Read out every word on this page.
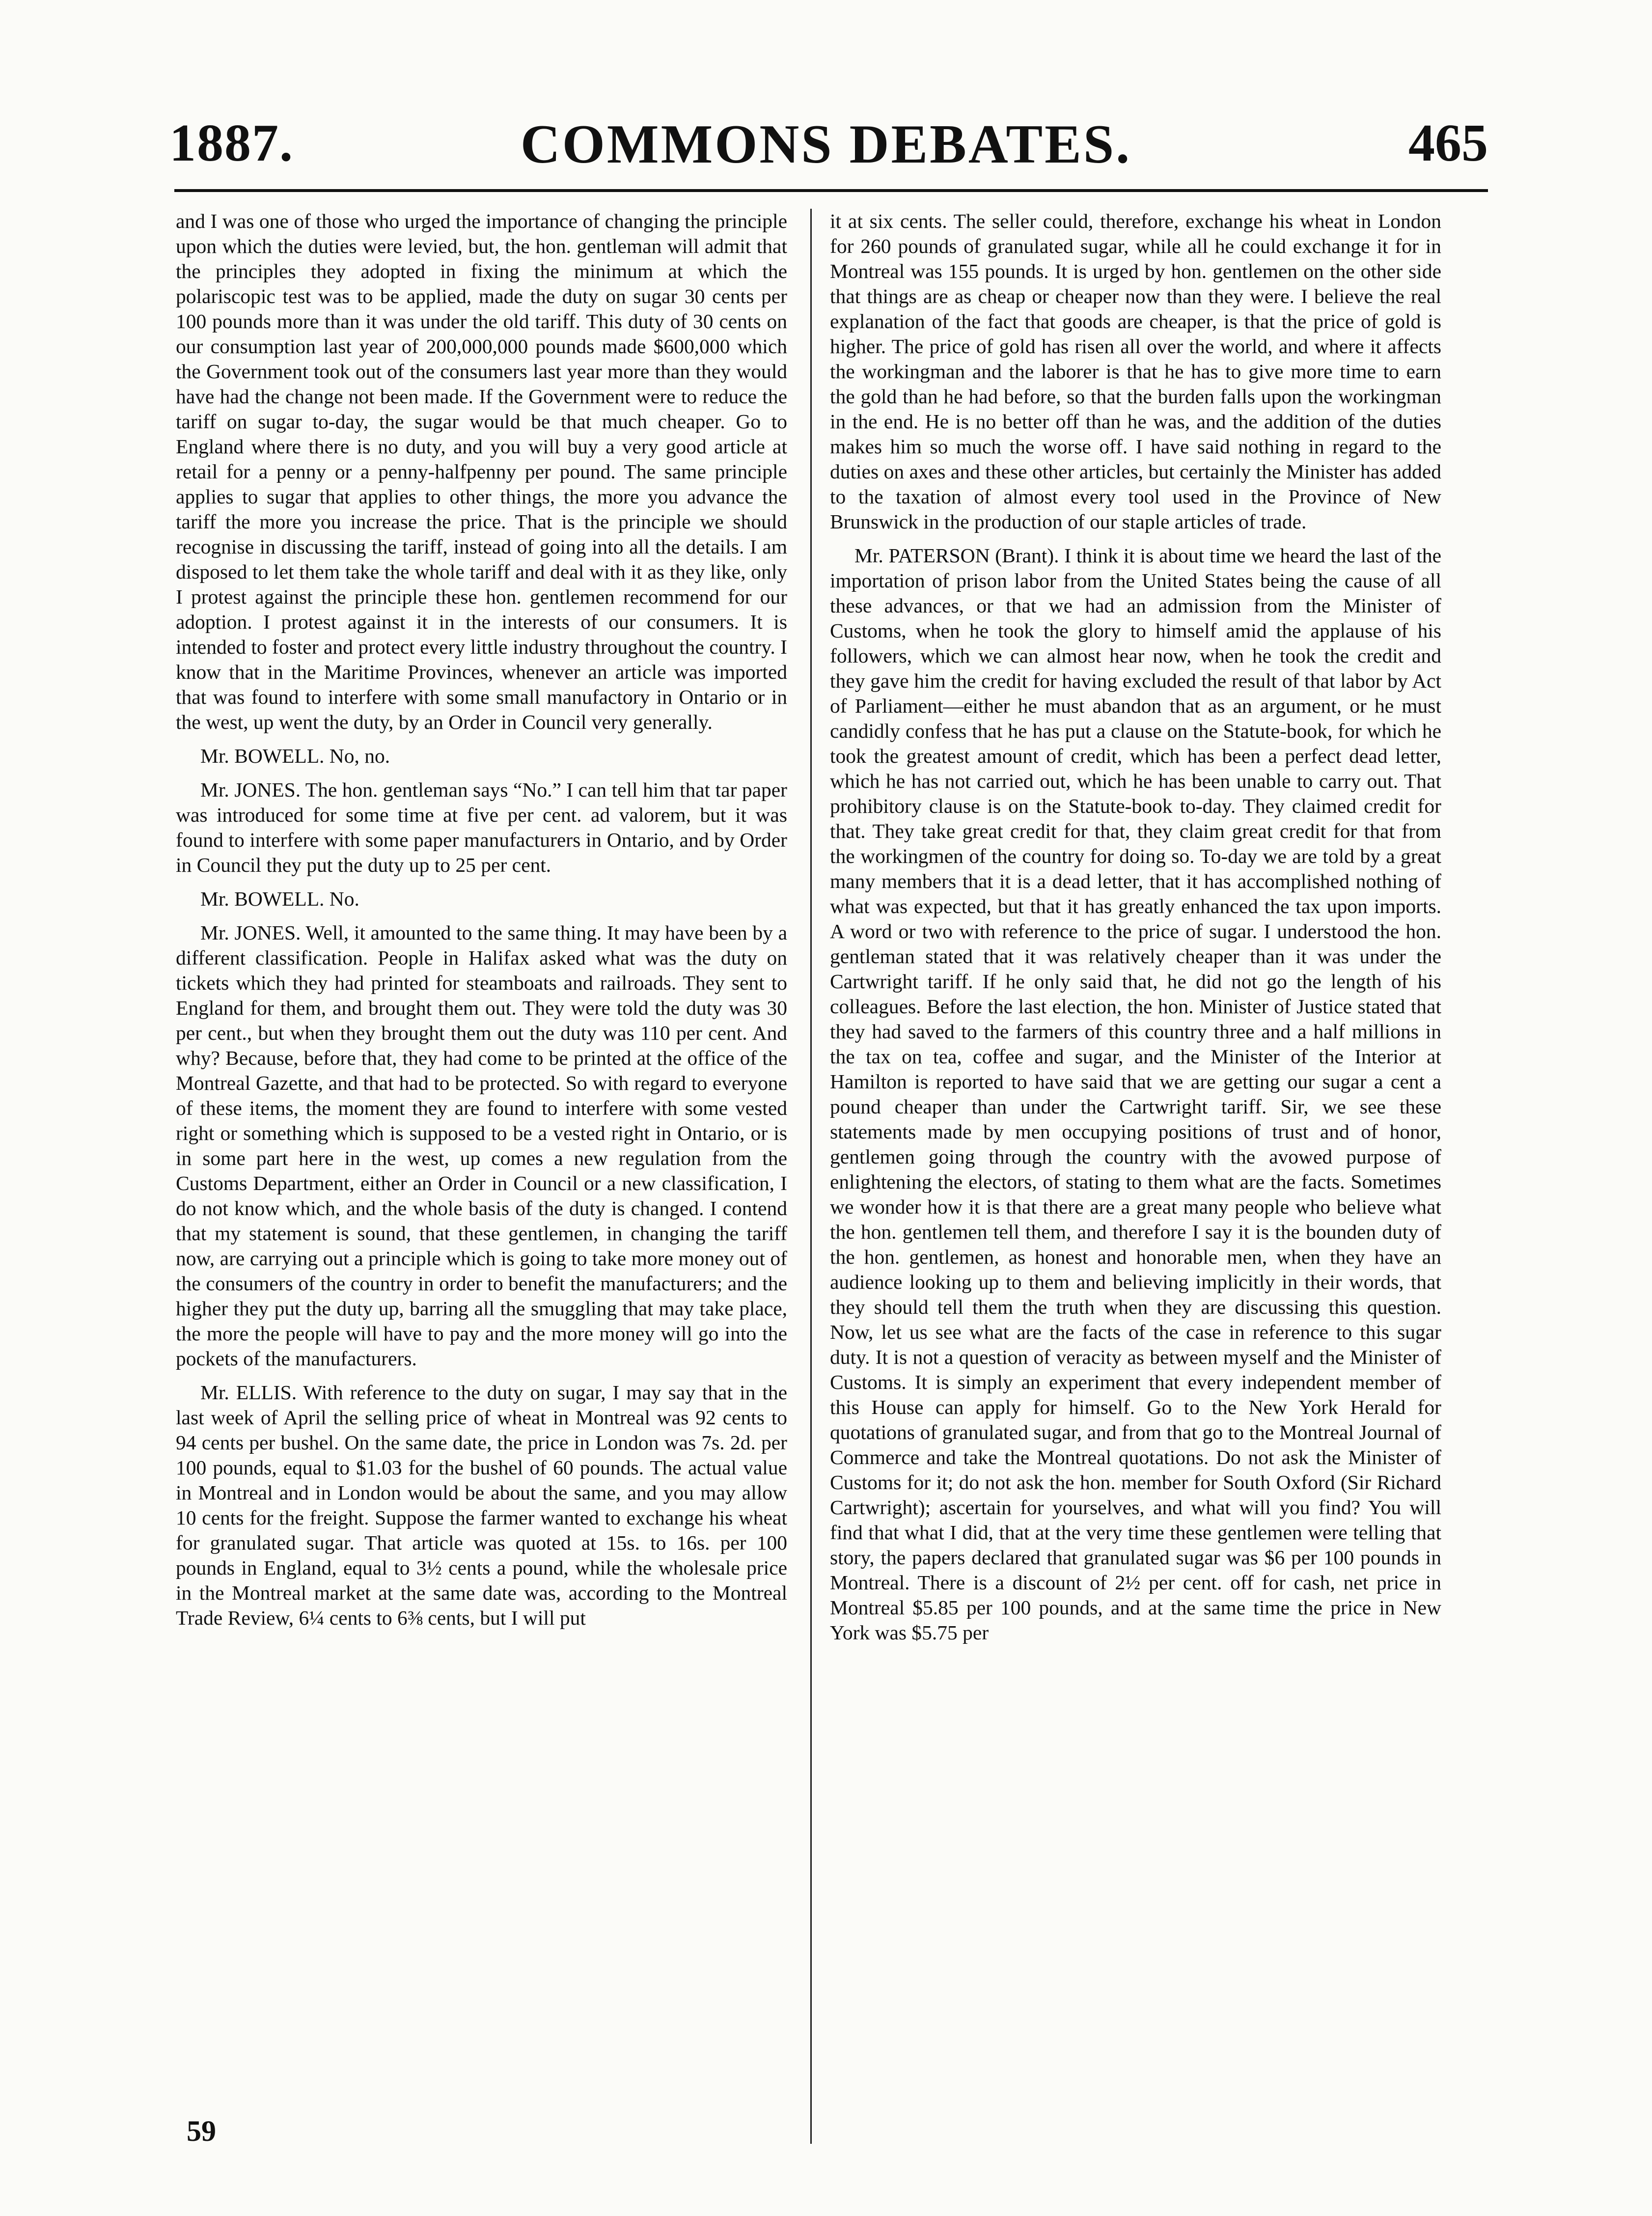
1887.	COMMONS DEBATES.	465

and I was one of those who urged the importance of changing the principle upon which the duties were levied, but, the hon. gentleman will admit that the principles they adopted in fixing the minimum at which the polariscopic test was to be applied, made the duty on sugar 30 cents per 100 pounds more than it was under the old tariff. This duty of 30 cents on our consumption last year of 200,000,000 pounds made $600,000 which the Government took out of the consumers last year more than they would have had the change not been made. If the Government were to reduce the tariff on sugar to-day, the sugar would be that much cheaper. Go to England where there is no duty, and you will buy a very good article at retail for a penny or a penny-halfpenny per pound. The same principle applies to sugar that applies to other things, the more you advance the tariff the more you increase the price. That is the principle we should recognise in discussing the tariff, instead of going into all the details. I am disposed to let them take the whole tariff and deal with it as they like, only I protest against the principle these hon. gentlemen recommend for our adoption. I protest against it in the interests of our consumers. It is intended to foster and protect every little industry throughout the country. I know that in the Maritime Provinces, whenever an article was imported that was found to interfere with some small manufactory in Ontario or in the west, up went the duty, by an Order in Council very generally.

Mr. BOWELL. No, no.

Mr. JONES. The hon. gentleman says “No.” I can tell him that tar paper was introduced for some time at five per cent. ad valorem, but it was found to interfere with some paper manufacturers in Ontario, and by Order in Council they put the duty up to 25 per cent.

Mr. BOWELL. No.

Mr. JONES. Well, it amounted to the same thing. It may have been by a different classification. People in Halifax asked what was the duty on tickets which they had printed for steamboats and railroads. They sent to England for them, and brought them out. They were told the duty was 30 per cent., but when they brought them out the duty was 110 per cent. And why? Because, before that, they had come to be printed at the office of the Montreal Gazette, and that had to be protected. So with regard to everyone of these items, the moment they are found to interfere with some vested right or something which is supposed to be a vested right in Ontario, or is in some part here in the west, up comes a new regulation from the Customs Department, either an Order in Council or a new classification, I do not know which, and the whole basis of the duty is changed. I contend that my statement is sound, that these gentlemen, in changing the tariff now, are carrying out a principle which is going to take more money out of the consumers of the country in order to benefit the manufacturers; and the higher they put the duty up, barring all the smuggling that may take place, the more the people will have to pay and the more money will go into the pockets of the manufacturers.

Mr. ELLIS. With reference to the duty on sugar, I may say that in the last week of April the selling price of wheat in Montreal was 92 cents to 94 cents per bushel. On the same date, the price in London was 7s. 2d. per 100 pounds, equal to $1.03 for the bushel of 60 pounds. The actual value in Montreal and in London would be about the same, and you may allow 10 cents for the freight. Suppose the farmer wanted to exchange his wheat for granulated sugar. That article was quoted at 15s. to 16s. per 100 pounds in England, equal to 3½ cents a pound, while the wholesale price in the Montreal market at the same date was, according to the Montreal Trade Review, 6¼ cents to 6⅜ cents, but I will put

it at six cents. The seller could, therefore, exchange his wheat in London for 260 pounds of granulated sugar, while all he could exchange it for in Montreal was 155 pounds. It is urged by hon. gentlemen on the other side that things are as cheap or cheaper now than they were. I believe the real explanation of the fact that goods are cheaper, is that the price of gold is higher. The price of gold has risen all over the world, and where it affects the workingman and the laborer is that he has to give more time to earn the gold than he had before, so that the burden falls upon the workingman in the end. He is no better off than he was, and the addition of the duties makes him so much the worse off. I have said nothing in regard to the duties on axes and these other articles, but certainly the Minister has added to the taxation of almost every tool used in the Province of New Brunswick in the production of our staple articles of trade.

Mr. PATERSON (Brant). I think it is about time we heard the last of the importation of prison labor from the United States being the cause of all these advances, or that we had an admission from the Minister of Customs, when he took the glory to himself amid the applause of his followers, which we can almost hear now, when he took the credit and they gave him the credit for having excluded the result of that labor by Act of Parliament—either he must abandon that as an argument, or he must candidly confess that he has put a clause on the Statute-book, for which he took the greatest amount of credit, which has been a perfect dead letter, which he has not carried out, which he has been unable to carry out. That prohibitory clause is on the Statute-book to-day. They claimed credit for that. They take great credit for that, they claim great credit for that from the workingmen of the country for doing so. To-day we are told by a great many members that it is a dead letter, that it has accomplished nothing of what was expected, but that it has greatly enhanced the tax upon imports. A word or two with reference to the price of sugar. I understood the hon. gentleman stated that it was relatively cheaper than it was under the Cartwright tariff. If he only said that, he did not go the length of his colleagues. Before the last election, the hon. Minister of Justice stated that they had saved to the farmers of this country three and a half millions in the tax on tea, coffee and sugar, and the Minister of the Interior at Hamilton is reported to have said that we are getting our sugar a cent a pound cheaper than under the Cartwright tariff. Sir, we see these statements made by men occupying positions of trust and of honor, gentlemen going through the country with the avowed purpose of enlightening the electors, of stating to them what are the facts. Sometimes we wonder how it is that there are a great many people who believe what the hon. gentlemen tell them, and therefore I say it is the bounden duty of the hon. gentlemen, as honest and honorable men, when they have an audience looking up to them and believing implicitly in their words, that they should tell them the truth when they are discussing this question. Now, let us see what are the facts of the case in reference to this sugar duty. It is not a question of veracity as between myself and the Minister of Customs. It is simply an experiment that every independent member of this House can apply for himself. Go to the New York Herald for quotations of granulated sugar, and from that go to the Montreal Journal of Commerce and take the Montreal quotations. Do not ask the Minister of Customs for it; do not ask the hon. member for South Oxford (Sir Richard Cartwright); ascertain for yourselves, and what will you find? You will find that what I did, that at the very time these gentlemen were telling that story, the papers declared that granulated sugar was $6 per 100 pounds in Montreal. There is a discount of 2½ per cent. off for cash, net price in Montreal $5.85 per 100 pounds, and at the same time the price in New York was $5.75 per

59
